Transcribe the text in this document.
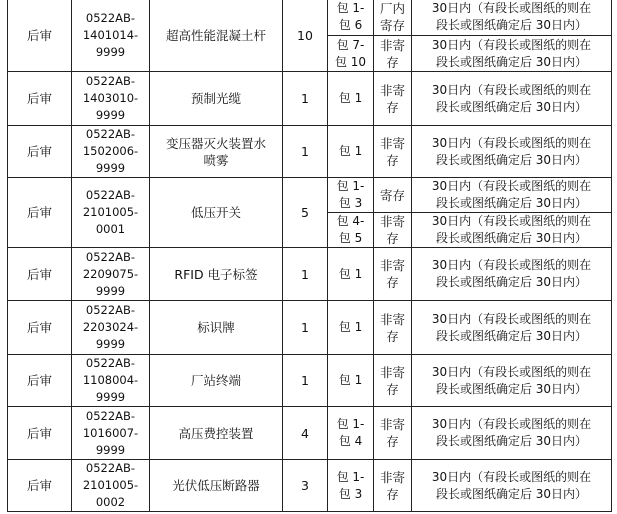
后审	0522AB-
1401014-
9999	超高性能混凝土杆	10	包 1-
包 6	厂内
寄存	30日内（有段长或图纸的则在
段长或图纸确定后 30日内）

				包 7-
包 10	非寄
存	30日内（有段长或图纸的则在
段长或图纸确定后 30日内）

后审	0522AB-
1403010-
9999	预制光缆	1	包 1	非寄
存	30日内（有段长或图纸的则在
段长或图纸确定后 30日内）

后审	0522AB-
1502006-
9999	变压器灭火装置水
喷雾	1	包 1	非寄
存	30日内（有段长或图纸的则在
段长或图纸确定后 30日内）

后审	0522AB-
2101005-
0001	低压开关	5	包 1-
包 3	寄存	30日内（有段长或图纸的则在
段长或图纸确定后 30日内）

				包 4-
包 5	非寄
存	30日内（有段长或图纸的则在
段长或图纸确定后 30日内）

后审	0522AB-
2209075-
9999	RFID 电子标签	1	包 1	非寄
存	30日内（有段长或图纸的则在
段长或图纸确定后 30日内）

后审	0522AB-
2203024-
9999	标识牌	1	包 1	非寄
存	30日内（有段长或图纸的则在
段长或图纸确定后 30日内）

后审	0522AB-
1108004-
9999	厂站终端	1	包 1	非寄
存	30日内（有段长或图纸的则在
段长或图纸确定后 30日内）

后审	0522AB-
1016007-
9999	高压费控装置	4	包 1-
包 4	非寄
存	30日内（有段长或图纸的则在
段长或图纸确定后 30日内）

后审	0522AB-
2101005-
0002	光伏低压断路器	3	包 1-
包 3	非寄
存	30日内（有段长或图纸的则在
段长或图纸确定后 30日内）
